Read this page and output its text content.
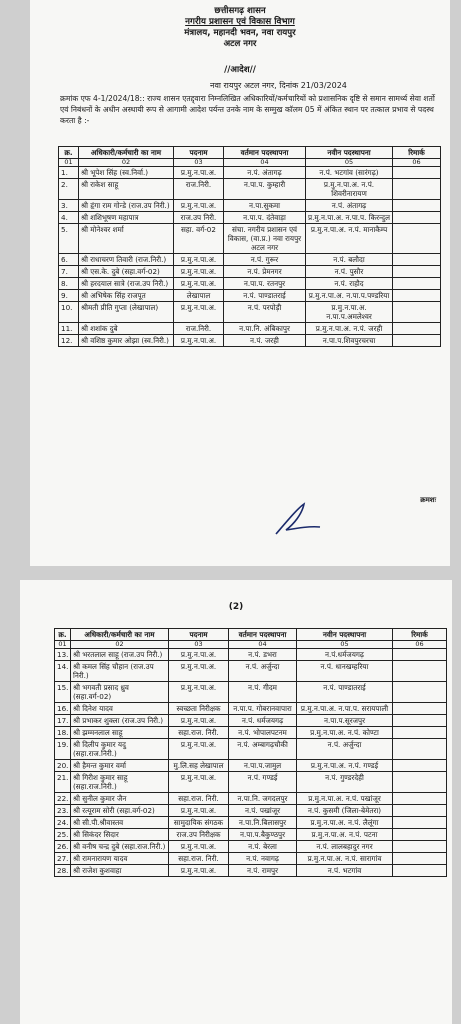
छत्तीसगढ़ शासन
नगरीय प्रशासन एवं विकास विभाग
मंत्रालय, महानदी भवन, नवा रायपुर
अटल नगर
//आदेश//
नवा रायपुर अटल नगर, दिनांक 21/03/2024
क्रमांक एफ 4-1/2024/18:: राज्य शासन एतद्द्वारा निम्नलिखित अधिकारियों/कर्मचारियों को प्रशासनिक दृष्टि से समान सामर्थ्य सेवा शर्तो एवं निबंधनों के अधीन अस्थायी रूप से आगामी आदेश पर्यन्त उनके नाम के सम्मुख कॉलम 05 में अंकित स्थान पर तत्काल प्रभाव से पदस्थ करता है :-
क्र.	अधिकारी/कर्मचारी का नाम	पदनाम	वर्तमान पदस्थापना	नवीन पदस्थापना	रिमार्क
01	02	03	04	05	06
1.	श्री भूपेश सिंह (स्व.निर्वा.)	प्र.मु.न.पा.अ.	न.पं. अंतागढ़	न.पं. भटगांव (सारंगढ़)	
2.	श्री राकेश साहू	राज.निरी.	न.पा.प. कुम्हारी	प्र.मु.न.पा.अ. न.पं. शिवरीनारायण	
3.	श्री हृंगा राम गोन्डे (राज.उप निरी.)	प्र.मु.न.पा.अ.	न.पा.सुकमा	न.पं. अंतागढ़	
4.	श्री शशिभूषण महापात्र	राज.उप निरी.	न.पा.प. दंतेवाड़ा	प्र.मु.न.पा.अ. न.पा.प. किरन्दुल	
5.	श्री मोनेश्वर शर्मा	सहा. वर्ग-02	संचा. नगरीय प्रशासन एवं विकास, (वा.प्र.) नवा रायपुर अटल नगर	प्र.मु.न.पा.अ. न.पं. मानाकैम्प	
6.	श्री राधाचरण तिवारी (राज.निरी.)	प्र.मु.न.पा.अ.	न.पं. गुरूर	न.पं. बलौदा	
7.	श्री एस.के. दुबे (सहा.वर्ग-02)	प्र.मु.न.पा.अ.	न.पं. प्रेमनगर	न.पं. पुसौर	
8.	श्री हरदयाल सात्रे (राज.उप निरी.)	प्र.मु.न.पा.अ.	न.पा.प. रतनपुर	न.पं. राहौद	
9.	श्री अभिषेक सिंह राजपूत	लेखापाल	न.पं. पाण्डातराई	प्र.मु.न.पा.अ. न.पा.प.पण्डरिया	
10.	श्रीमती प्रीति गुप्ता (लेखापाल)	प्र.मु.न.पा.अ.	न.पं. परपोड़ी	प्र.मु.न.पा.अ. न.पा.प.अमलेश्वर	
11.	श्री शशांक दुबे	राज.निरी.	न.पा.नि. अंबिकापुर	प्र.मु.न.पा.अ. न.पं. जरही	
12.	श्री वशिष्ठ कुमार ओझा (स्व.निरी.)	प्र.मु.न.पा.अ.	न.पं. जरही	न.पा.प.शिवपुरचरचा	
क्रमशः
(2)
क्र.	अधिकारी/कर्मचारी का नाम	पदनाम	वर्तमान पदस्थापना	नवीन पदस्थापना	रिमार्क
01	02	03	04	05	06
13.	श्री भरतलाल साहू (राज.उप निरी.)	प्र.मु.न.पा.अ.	न.पं. डभरा	न.पं.धर्मजयगढ़	
14.	श्री कमल सिंह चौहान (राज.उप निरी.)	प्र.मु.न.पा.अ.	न.पं. अर्जुन्दा	न.पं. धानखम्हरिया	
15.	श्री भगवती प्रसाद ध्रुव (सहा.वर्ग-02)	प्र.मु.न.पा.अ.	न.पं. गीदम	न.पं. पाण्डातराई	
16.	श्री दिनेश यादव	स्वच्छता निरीक्षक	न.पा.प. गोबरानवापारा	प्र.मु.न.पा.अ. न.पा.प. सरायपाली	
17.	श्री प्रभाकर शुक्ला (राज.उप निरी.)	प्र.मु.न.पा.अ.	न.पं. धर्मजयगढ़	न.पा.प.सूरजपुर	
18.	श्री झम्मनलाल साहू	सहा.राज. निरी.	न.पं. भोपालपटनम	प्र.मु.न.पा.अ. न.पं. कोण्टा	
19.	श्री दिलीप कुमार यदु (सहा.राज.निरी.)	प्र.मु.न.पा.अ.	न.पं. अम्बागढ़चौकी	न.पं. अर्जुन्दा	
20.	श्री हैमन्त कुमार वर्मा	मु.लि.सह लेखापाल	न.पा.प.जामुल	प्र.मु.न.पा.अ. न.पं. गण्डई	
21.	श्री गिरीश कुमार साहू (सहा.राज.निरी.)	प्र.मु.न.पा.अ.	न.पं. गण्डई	न.पं. गुण्डरदेही	
22.	श्री सुनील कुमार जैन	सहा.राज. निरी.	न.पा.नि. जगदलपुर	प्र.मु.न.पा.अ. न.पं. पखांजूर	
23.	श्री रत्यूराम सोरी (सहा.वर्ग-02)	प्र.मु.न.पा.अ.	न.पं. पखांजूर	न.पं. कुसमी (जिला-बेमेतरा)	
24.	श्री सी.पी.श्रीवास्तव	सामुदायिक संगठक	न.पा.नि.बिलासपुर	प्र.मु.न.पा.अ. न.पं. लैलूंगा	
25.	श्री सिकंदर सिदार	राज.उप निरीक्षक	न.पा.प.बैकुण्ठपुर	प्र.मु.न.पा.अ. न.पं. पटना	
26.	श्री वनीष चन्द्र दुबे (सहा.राज.निरी.)	प्र.मु.न.पा.अ.	न.पं. बेरला	न.पं. लालबहादुर नगर	
27.	श्री रामनारायण यादव	सहा.राज. निरी.	न.पं. नवागढ़	प्र.मु.न.पा.अ. न.पं. सारागांव	
28.	श्री राजेश कुशवाहा	प्र.मु.न.पा.अ.	न.पं. रामपुर	न.पं. भटगांव	
